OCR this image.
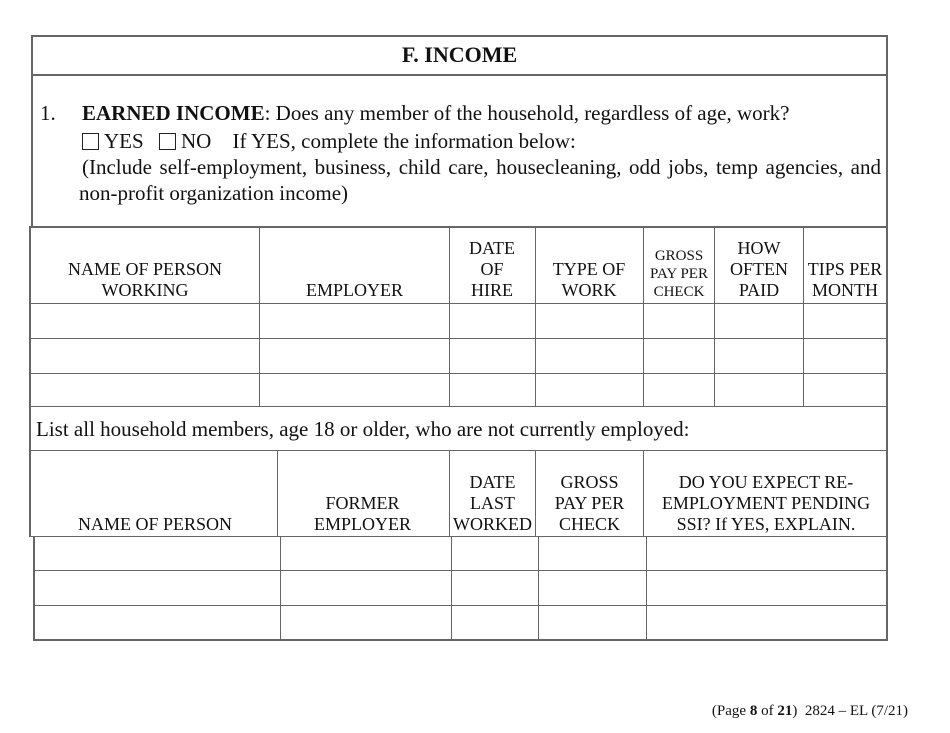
F. INCOME
1. EARNED INCOME: Does any member of the household, regardless of age, work?
YES NO If YES, complete the information below:
(Include self-employment, business, child care, housecleaning, odd jobs, temp agencies, and non-profit organization income)
NAME OF PERSON WORKING	EMPLOYER
DATE OF HIRE
TYPE OF WORK
GROSS PAY PER CHECK
HOW OFTEN PAID
TIPS PER MONTH
List all household members, age 18 or older, who are not currently employed:
NAME OF PERSON
FORMER EMPLOYER
DATE LAST WORKED
GROSS PAY PER CHECK
DO YOU EXPECT RE-EMPLOYMENT PENDING SSI? If YES, EXPLAIN.
(Page 8 of 21) 2824 – EL (7/21)
